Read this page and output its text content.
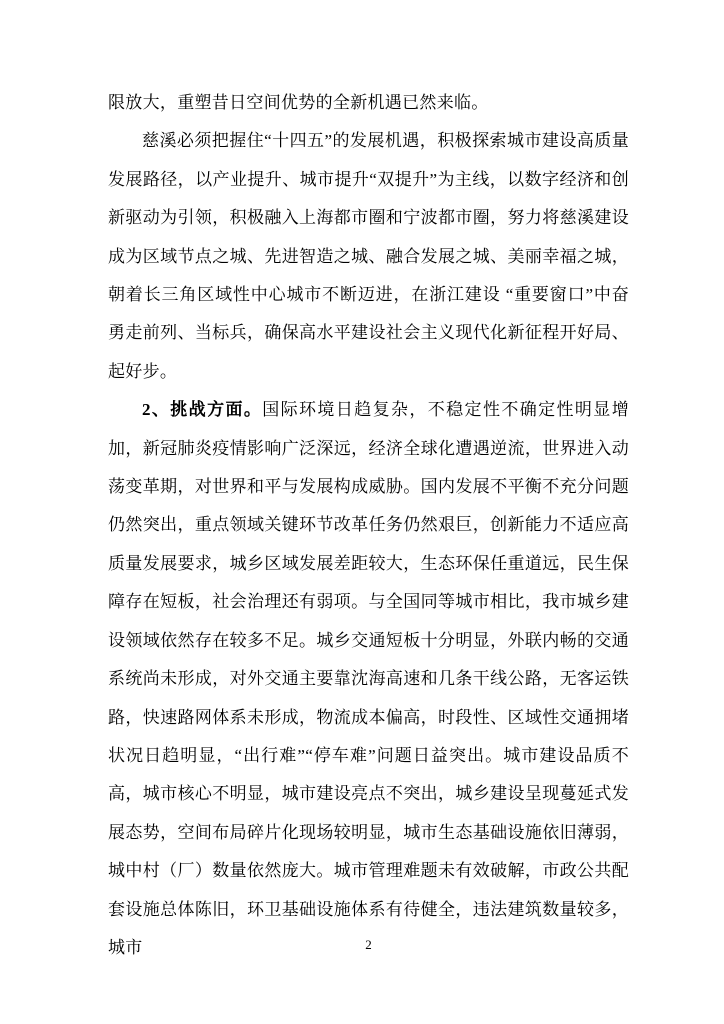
限放大，重塑昔日空间优势的全新机遇已然来临。

慈溪必须把握住“十四五”的发展机遇，积极探索城市建设高质量发展路径，以产业提升、城市提升“双提升”为主线，以数字经济和创新驱动为引领，积极融入上海都市圈和宁波都市圈，努力将慈溪建设成为区域节点之城、先进智造之城、融合发展之城、美丽幸福之城，朝着长三角区域性中心城市不断迈进，在浙江建设 “重要窗口”中奋勇走前列、当标兵，确保高水平建设社会主义现代化新征程开好局、起好步。

2、挑战方面。国际环境日趋复杂，不稳定性不确定性明显增加，新冠肺炎疫情影响广泛深远，经济全球化遭遇逆流，世界进入动荡变革期，对世界和平与发展构成威胁。国内发展不平衡不充分问题仍然突出，重点领域关键环节改革任务仍然艰巨，创新能力不适应高质量发展要求，城乡区域发展差距较大，生态环保任重道远，民生保障存在短板，社会治理还有弱项。与全国同等城市相比，我市城乡建设领域依然存在较多不足。城乡交通短板十分明显，外联内畅的交通系统尚未形成，对外交通主要靠沈海高速和几条干线公路，无客运铁路，快速路网体系未形成，物流成本偏高，时段性、区域性交通拥堵状况日趋明显，“出行难”“停车难”问题日益突出。城市建设品质不高，城市核心不明显，城市建设亮点不突出，城乡建设呈现蔓延式发展态势，空间布局碎片化现场较明显，城市生态基础设施依旧薄弱，城中村（厂）数量依然庞大。城市管理难题未有效破解，市政公共配套设施总体陈旧，环卫基础设施体系有待健全，违法建筑数量较多，城市	2
